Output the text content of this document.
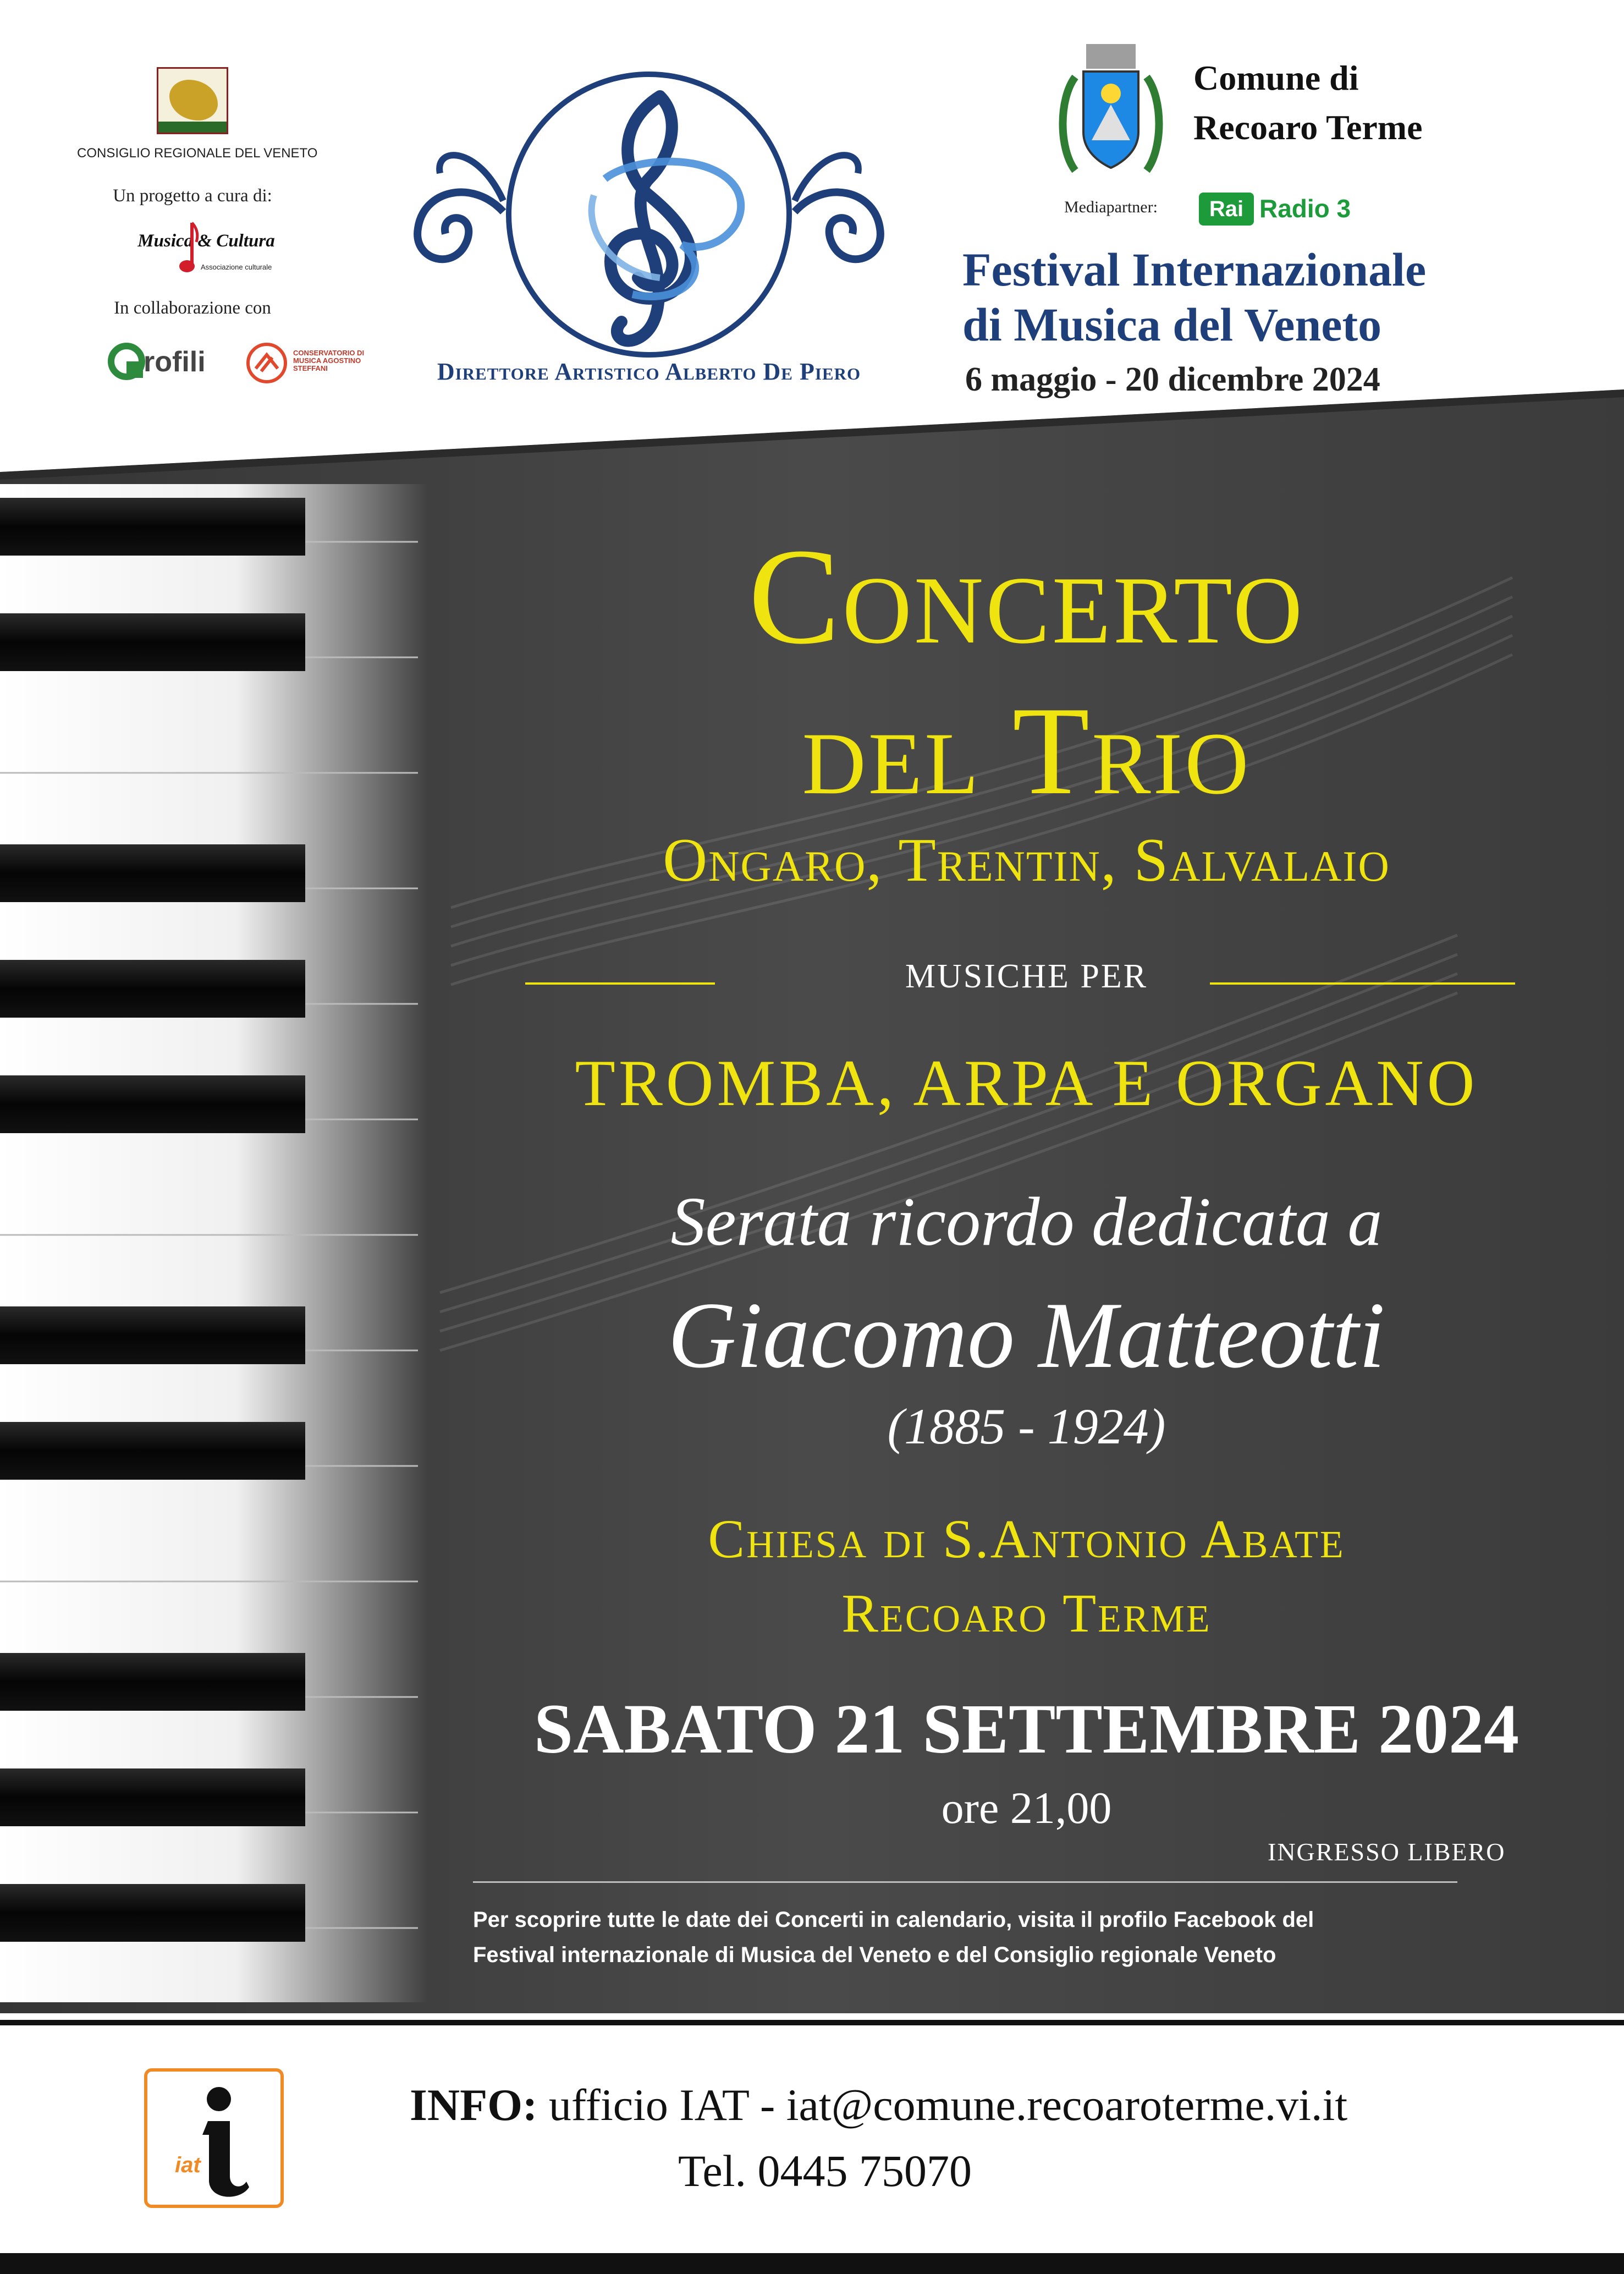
CONSIGLIO REGIONALE DEL VENETO
Un progetto a cura di:
Musica & Cultura
Associazione culturale
In collaborazione con
rofili	CONSERVATORIO DI MUSICA AGOSTINO STEFFANI	Direttore Artistico Alberto De Piero
Comune di
Recoaro Terme
Mediapartner:	Rai Radio 3
Festival Internazionale
di Musica del Veneto
6 maggio - 20 dicembre 2024
Concerto
del Trio
Ongaro, Trentin, Salvalaio
MUSICHE PER
TROMBA, ARPA E ORGANO
Serata ricordo dedicata a
Giacomo Matteotti
(1885 - 1924)
Chiesa di S.Antonio Abate
Recoaro Terme
SABATO 21 SETTEMBRE 2024
ore 21,00
INGRESSO LIBERO
Per scoprire tutte le date dei Concerti in calendario, visita il profilo Facebook del
Festival internazionale di Musica del Veneto e del Consiglio regionale Veneto
iat
INFO: ufficio IAT - iat@comune.recoaroterme.vi.it
Tel. 0445 75070
